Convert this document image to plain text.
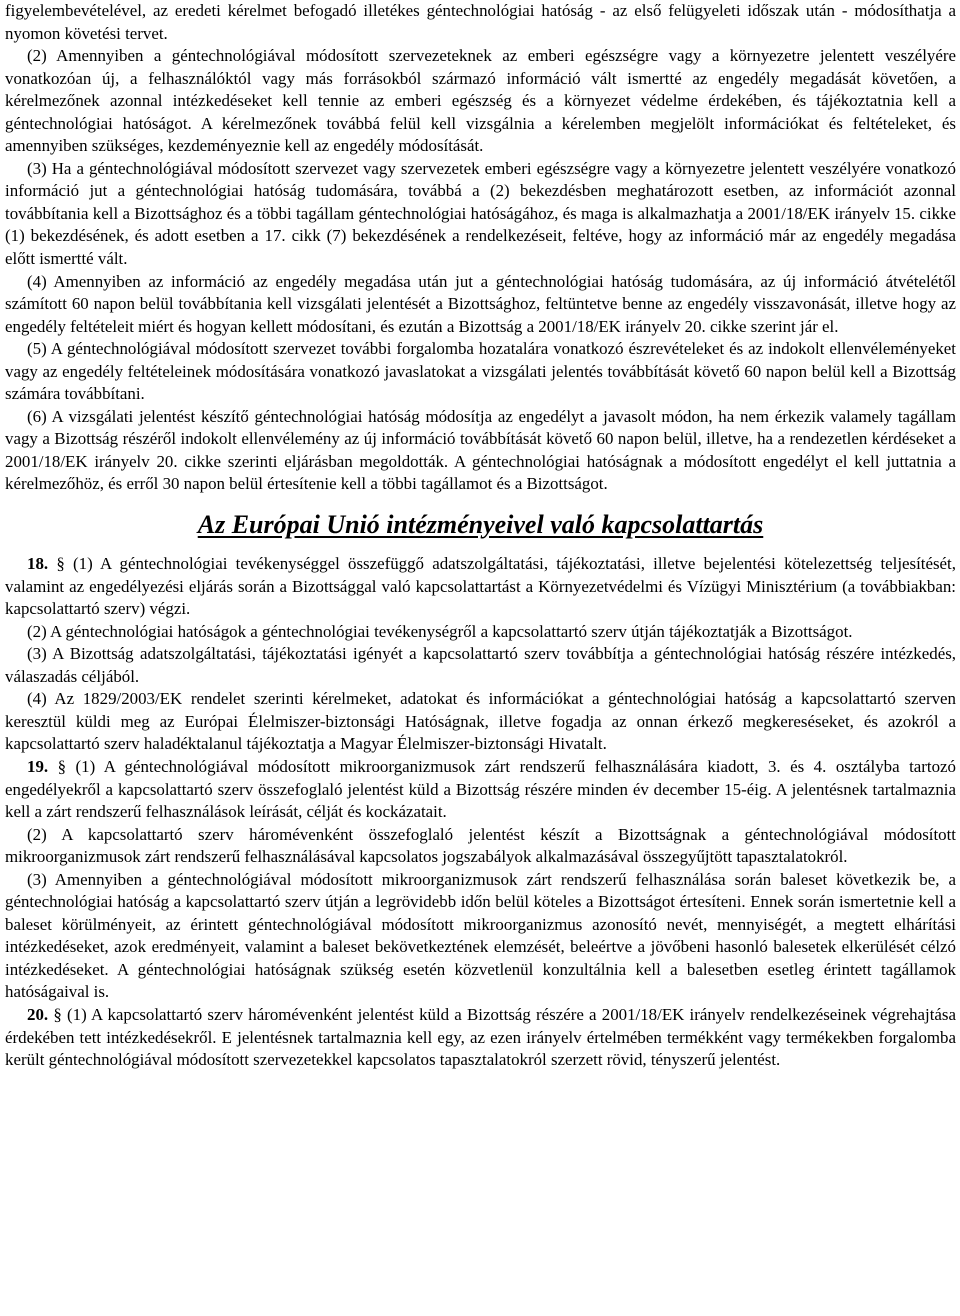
figyelembevételével, az eredeti kérelmet befogadó illetékes géntechnológiai hatóság - az első felügyeleti időszak után - módosíthatja a nyomon követési tervet.

(2) Amennyiben a géntechnológiával módosított szervezeteknek az emberi egészségre vagy a környezetre jelentett veszélyére vonatkozóan új, a felhasználóktól vagy más forrásokból származó információ vált ismertté az engedély megadását követően, a kérelmezőnek azonnal intézkedéseket kell tennie az emberi egészség és a környezet védelme érdekében, és tájékoztatnia kell a géntechnológiai hatóságot. A kérelmezőnek továbbá felül kell vizsgálnia a kérelemben megjelölt információkat és feltételeket, és amennyiben szükséges, kezdeményeznie kell az engedély módosítását.

(3) Ha a géntechnológiával módosított szervezet vagy szervezetek emberi egészségre vagy a környezetre jelentett veszélyére vonatkozó információ jut a géntechnológiai hatóság tudomására, továbbá a (2) bekezdésben meghatározott esetben, az információt azonnal továbbítania kell a Bizottsághoz és a többi tagállam géntechnológiai hatóságához, és maga is alkalmazhatja a 2001/18/EK irányelv 15. cikke (1) bekezdésének, és adott esetben a 17. cikk (7) bekezdésének a rendelkezéseit, feltéve, hogy az információ már az engedély megadása előtt ismertté vált.

(4) Amennyiben az információ az engedély megadása után jut a géntechnológiai hatóság tudomására, az új információ átvételétől számított 60 napon belül továbbítania kell vizsgálati jelentését a Bizottsághoz, feltüntetve benne az engedély visszavonását, illetve hogy az engedély feltételeit miért és hogyan kellett módosítani, és ezután a Bizottság a 2001/18/EK irányelv 20. cikke szerint jár el.

(5) A géntechnológiával módosított szervezet további forgalomba hozatalára vonatkozó észrevételeket és az indokolt ellenvéleményeket vagy az engedély feltételeinek módosítására vonatkozó javaslatokat a vizsgálati jelentés továbbítását követő 60 napon belül kell a Bizottság számára továbbítani.

(6) A vizsgálati jelentést készítő géntechnológiai hatóság módosítja az engedélyt a javasolt módon, ha nem érkezik valamely tagállam vagy a Bizottság részéről indokolt ellenvélemény az új információ továbbítását követő 60 napon belül, illetve, ha a rendezetlen kérdéseket a 2001/18/EK irányelv 20. cikke szerinti eljárásban megoldották. A géntechnológiai hatóságnak a módosított engedélyt el kell juttatnia a kérelmezőhöz, és erről 30 napon belül értesítenie kell a többi tagállamot és a Bizottságot.

Az Európai Unió intézményeivel való kapcsolattartás

18. § (1) A géntechnológiai tevékenységgel összefüggő adatszolgáltatási, tájékoztatási, illetve bejelentési kötelezettség teljesítését, valamint az engedélyezési eljárás során a Bizottsággal való kapcsolattartást a Környezetvédelmi és Vízügyi Minisztérium (a továbbiakban: kapcsolattartó szerv) végzi.

(2) A géntechnológiai hatóságok a géntechnológiai tevékenységről a kapcsolattartó szerv útján tájékoztatják a Bizottságot.

(3) A Bizottság adatszolgáltatási, tájékoztatási igényét a kapcsolattartó szerv továbbítja a géntechnológiai hatóság részére intézkedés, válaszadás céljából.

(4) Az 1829/2003/EK rendelet szerinti kérelmeket, adatokat és információkat a géntechnológiai hatóság a kapcsolattartó szerven keresztül küldi meg az Európai Élelmiszer-biztonsági Hatóságnak, illetve fogadja az onnan érkező megkereséseket, és azokról a kapcsolattartó szerv haladéktalanul tájékoztatja a Magyar Élelmiszer-biztonsági Hivatalt.

19. § (1) A géntechnológiával módosított mikroorganizmusok zárt rendszerű felhasználására kiadott, 3. és 4. osztályba tartozó engedélyekről a kapcsolattartó szerv összefoglaló jelentést küld a Bizottság részére minden év december 15-éig. A jelentésnek tartalmaznia kell a zárt rendszerű felhasználások leírását, célját és kockázatait.

(2) A kapcsolattartó szerv háromévenként összefoglaló jelentést készít a Bizottságnak a géntechnológiával módosított mikroorganizmusok zárt rendszerű felhasználásával kapcsolatos jogszabályok alkalmazásával összegyűjtött tapasztalatokról.

(3) Amennyiben a géntechnológiával módosított mikroorganizmusok zárt rendszerű felhasználása során baleset következik be, a géntechnológiai hatóság a kapcsolattartó szerv útján a legrövidebb időn belül köteles a Bizottságot értesíteni. Ennek során ismertetnie kell a baleset körülményeit, az érintett géntechnológiával módosított mikroorganizmus azonosító nevét, mennyiségét, a megtett elhárítási intézkedéseket, azok eredményeit, valamint a baleset bekövetkeztének elemzését, beleértve a jövőbeni hasonló balesetek elkerülését célzó intézkedéseket. A géntechnológiai hatóságnak szükség esetén közvetlenül konzultálnia kell a balesetben esetleg érintett tagállamok hatóságaival is.

20. § (1) A kapcsolattartó szerv háromévenként jelentést küld a Bizottság részére a 2001/18/EK irányelv rendelkezéseinek végrehajtása érdekében tett intézkedésekről. E jelentésnek tartalmaznia kell egy, az ezen irányelv értelmében termékként vagy termékekben forgalomba került géntechnológiával módosított szervezetekkel kapcsolatos tapasztalatokról szerzett rövid, tényszerű jelentést.
